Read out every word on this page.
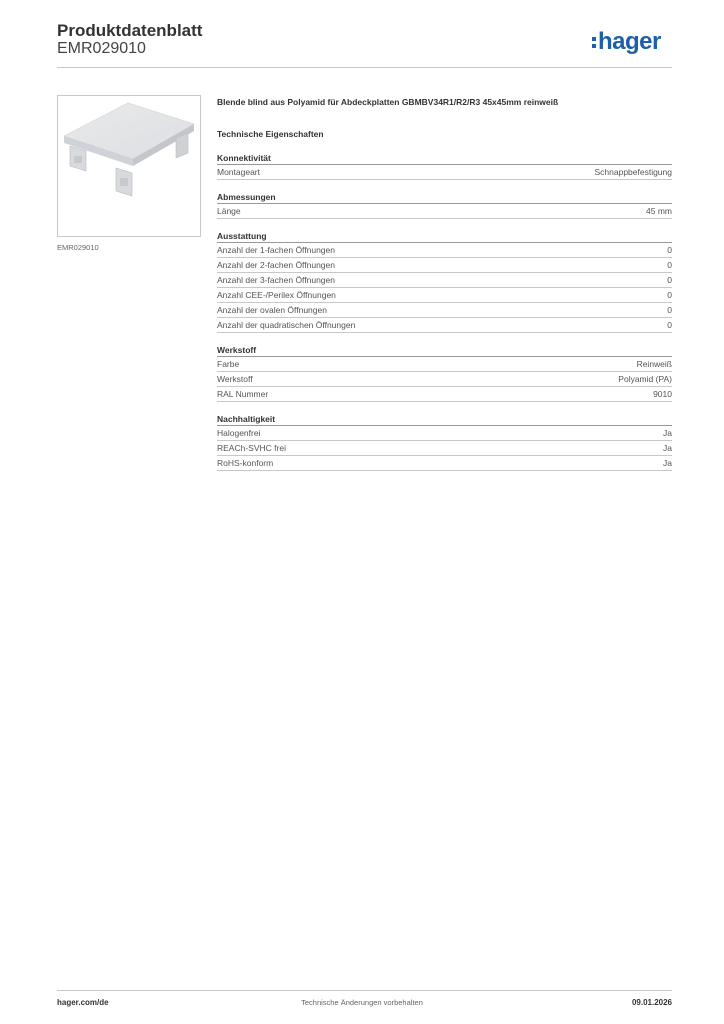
Produktdatenblatt
EMR029010	hager
EMR029010
Blende blind aus Polyamid für Abdeckplatten GBMBV34R1/R2/R3 45x45mm reinweiß
Technische Eigenschaften
Konnektivität
Montageart	Schnappbefestigung
Abmessungen
Länge	45 mm
Ausstattung
Anzahl der 1-fachen Öffnungen	0
Anzahl der 2-fachen Öffnungen	0
Anzahl der 3-fachen Öffnungen	0
Anzahl CEE-/Perilex Öffnungen	0
Anzahl der ovalen Öffnungen	0
Anzahl der quadratischen Öffnungen	0
Werkstoff
Farbe	Reinweiß
Werkstoff	Polyamid (PA)
RAL Nummer	9010
Nachhaltigkeit
Halogenfrei	Ja
REACh-SVHC frei	Ja
RoHS-konform	Ja
hager.com/de	Technische Änderungen vorbehalten	09.01.2026
